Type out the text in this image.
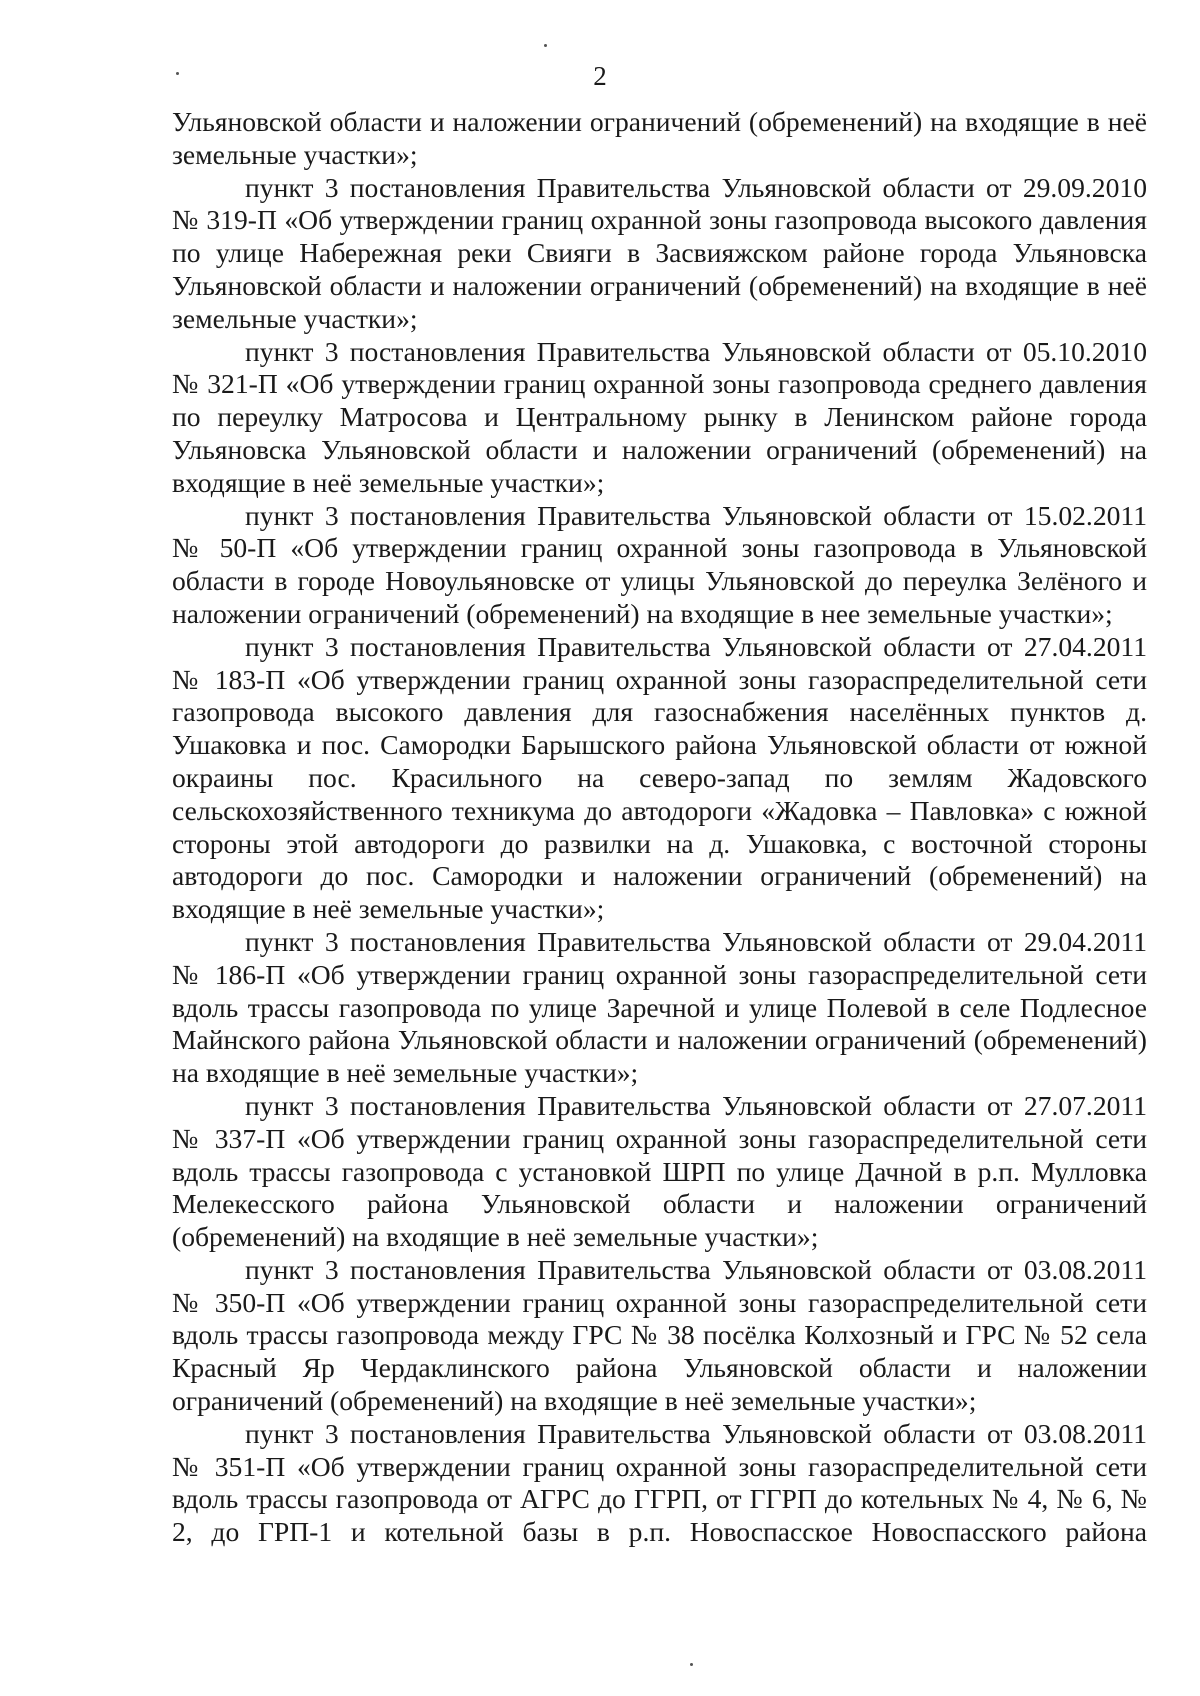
2

Ульяновской области и наложении ограничений (обременений) на входящие в неё земельные участки»;

пункт 3 постановления Правительства Ульяновской области от 29.09.2010 № 319-П «Об утверждении границ охранной зоны газопровода высокого давления по улице Набережная реки Свияги в Засвияжском районе города Ульяновска Ульяновской области и наложении ограничений (обременений) на входящие в неё земельные участки»;

пункт 3 постановления Правительства Ульяновской области от 05.10.2010 № 321-П «Об утверждении границ охранной зоны газопровода среднего давления по переулку Матросова и Центральному рынку в Ленинском районе города Ульяновска Ульяновской области и наложении ограничений (обременений) на входящие в неё земельные участки»;

пункт 3 постановления Правительства Ульяновской области от 15.02.2011 № 50-П «Об утверждении границ охранной зоны газопровода в Ульяновской области в городе Новоульяновске от улицы Ульяновской до переулка Зелёного и наложении ограничений (обременений) на входящие в нее земельные участки»;

пункт 3 постановления Правительства Ульяновской области от 27.04.2011 № 183-П «Об утверждении границ охранной зоны газораспределительной сети газопровода высокого давления для газоснабжения населённых пунктов д. Ушаковка и пос. Самородки Барышского района Ульяновской области от южной окраины пос. Красильного на северо-запад по землям Жадовского сельскохозяйственного техникума до автодороги «Жадовка – Павловка» с южной стороны этой автодороги до развилки на д. Ушаковка, с восточной стороны автодороги до пос. Самородки и наложении ограничений (обременений) на входящие в неё земельные участки»;

пункт 3 постановления Правительства Ульяновской области от 29.04.2011 № 186-П «Об утверждении границ охранной зоны газораспределительной сети вдоль трассы газопровода по улице Заречной и улице Полевой в селе Подлесное Майнского района Ульяновской области и наложении ограничений (обременений) на входящие в неё земельные участки»;

пункт 3 постановления Правительства Ульяновской области от 27.07.2011 № 337-П «Об утверждении границ охранной зоны газораспределительной сети вдоль трассы газопровода с установкой ШРП по улице Дачной в р.п. Мулловка Мелекесского района Ульяновской области и наложении ограничений (обременений) на входящие в неё земельные участки»;

пункт 3 постановления Правительства Ульяновской области от 03.08.2011 № 350-П «Об утверждении границ охранной зоны газораспределительной сети вдоль трассы газопровода между ГРС № 38 посёлка Колхозный и ГРС № 52 села Красный Яр Чердаклинского района Ульяновской области и наложении ограничений (обременений) на входящие в неё земельные участки»;

пункт 3 постановления Правительства Ульяновской области от 03.08.2011 № 351-П «Об утверждении границ охранной зоны газораспределительной сети вдоль трассы газопровода от АГРС до ГГРП, от ГГРП до котельных № 4, № 6, № 2, до ГРП-1 и котельной базы в р.п. Новоспасское Новоспасского района
